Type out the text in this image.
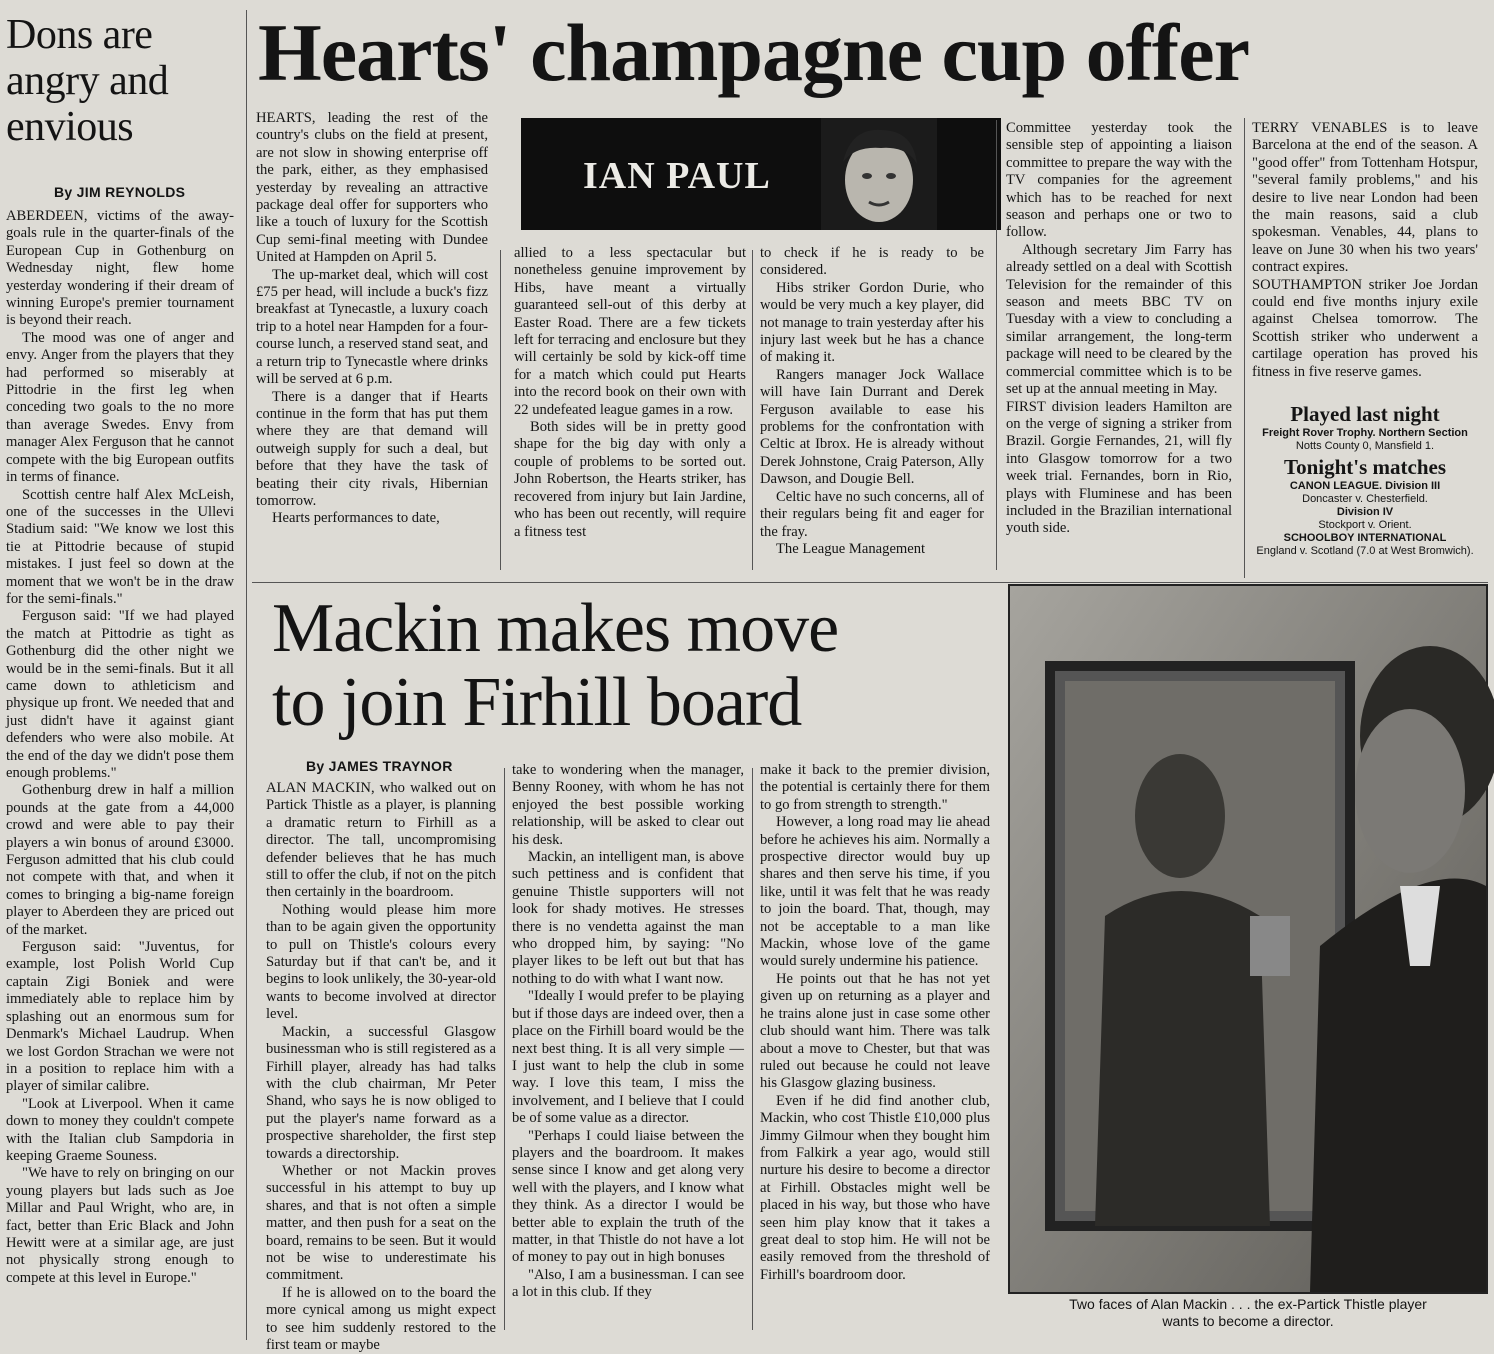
Dons are angry and envious
By JIM REYNOLDS

ABERDEEN, victims of the away-goals rule in the quarter-finals of the European Cup in Gothenburg on Wednesday night, flew home yesterday wondering if their dream of winning Europe's premier tournament is beyond their reach.

The mood was one of anger and envy. Anger from the players that they had performed so miserably at Pittodrie in the first leg when conceding two goals to the no more than average Swedes. Envy from manager Alex Ferguson that he cannot compete with the big European outfits in terms of finance.

Scottish centre half Alex McLeish, one of the successes in the Ullevi Stadium said: "We know we lost this tie at Pittodrie because of stupid mistakes. I just feel so down at the moment that we won't be in the draw for the semi-finals."

Ferguson said: "If we had played the match at Pittodrie as tight as Gothenburg did the other night we would be in the semi-finals. But it all came down to athleticism and physique up front. We needed that and just didn't have it against giant defenders who were also mobile. At the end of the day we didn't pose them enough problems."

Gothenburg drew in half a million pounds at the gate from a 44,000 crowd and were able to pay their players a win bonus of around £3000. Ferguson admitted that his club could not compete with that, and when it comes to bringing a big-name foreign player to Aberdeen they are priced out of the market.

Ferguson said: "Juventus, for example, lost Polish World Cup captain Zigi Boniek and were immediately able to replace him by splashing out an enormous sum for Denmark's Michael Laudrup. When we lost Gordon Strachan we were not in a position to replace him with a player of similar calibre.

"Look at Liverpool. When it came down to money they couldn't compete with the Italian club Sampdoria in keeping Graeme Souness.

"We have to rely on bringing on our young players but lads such as Joe Millar and Paul Wright, who are, in fact, better than Eric Black and John Hewitt were at a similar age, are just not physically strong enough to compete at this level in Europe."

Hearts' champagne cup offer

HEARTS, leading the rest of the country's clubs on the field at present, are not slow in showing enterprise off the park, either, as they emphasised yesterday by revealing an attractive package deal offer for supporters who like a touch of luxury for the Scottish Cup semi-final meeting with Dundee United at Hampden on April 5.

The up-market deal, which will cost £75 per head, will include a buck's fizz breakfast at Tynecastle, a luxury coach trip to a hotel near Hampden for a four-course lunch, a reserved stand seat, and a return trip to Tynecastle where drinks will be served at 6 p.m.

There is a danger that if Hearts continue in the form that has put them where they are that demand will outweigh supply for such a deal, but before that they have the task of beating their city rivals, Hibernian tomorrow.

Hearts performances to date,

IAN PAUL

allied to a less spectacular but nonetheless genuine improvement by Hibs, have meant a virtually guaranteed sell-out of this derby at Easter Road. There are a few tickets left for terracing and enclosure but they will certainly be sold by kick-off time for a match which could put Hearts into the record book on their own with 22 undefeated league games in a row.

Both sides will be in pretty good shape for the big day with only a couple of problems to be sorted out. John Robertson, the Hearts striker, has recovered from injury but Iain Jardine, who has been out recently, will require a fitness test

to check if he is ready to be considered.

Hibs striker Gordon Durie, who would be very much a key player, did not manage to train yesterday after his injury last week but he has a chance of making it.

Rangers manager Jock Wallace will have Iain Durrant and Derek Ferguson available to ease his problems for the confrontation with Celtic at Ibrox. He is already without Derek Johnstone, Craig Paterson, Ally Dawson, and Dougie Bell.

Celtic have no such concerns, all of their regulars being fit and eager for the fray.

The League Management

Committee yesterday took the sensible step of appointing a liaison committee to prepare the way with the TV companies for the agreement which has to be reached for next season and perhaps one or two to follow.

Although secretary Jim Farry has already settled on a deal with Scottish Television for the remainder of this season and meets BBC TV on Tuesday with a view to concluding a similar arrangement, the long-term package will need to be cleared by the commercial committee which is to be set up at the annual meeting in May.

FIRST division leaders Hamilton are on the verge of signing a striker from Brazil. Gorgie Fernandes, 21, will fly into Glasgow tomorrow for a two week trial. Fernandes, born in Rio, plays with Fluminese and has been included in the Brazilian international youth side.

TERRY VENABLES is to leave Barcelona at the end of the season. A "good offer" from Tottenham Hotspur, "several family problems," and his desire to live near London had been the main reasons, said a club spokesman. Venables, 44, plans to leave on June 30 when his two years' contract expires.

SOUTHAMPTON striker Joe Jordan could end five months injury exile against Chelsea tomorrow. The Scottish striker who underwent a cartilage operation has proved his fitness in five reserve games.

Played last night
Freight Rover Trophy. Northern Section
Notts County 0, Mansfield 1.
Tonight's matches
CANON LEAGUE. Division III
Doncaster v. Chesterfield.
Division IV
Stockport v. Orient.
SCHOOLBOY INTERNATIONAL
England v. Scotland (7.0 at West Bromwich).
Mackin makes move
to join Firhill board
By JAMES TRAYNOR

ALAN MACKIN, who walked out on Partick Thistle as a player, is planning a dramatic return to Firhill as a director. The tall, uncompromising defender believes that he has much still to offer the club, if not on the pitch then certainly in the boardroom.

Nothing would please him more than to be again given the opportunity to pull on Thistle's colours every Saturday but if that can't be, and it begins to look unlikely, the 30-year-old wants to become involved at director level.

Mackin, a successful Glasgow businessman who is still registered as a Firhill player, already has had talks with the club chairman, Mr Peter Shand, who says he is now obliged to put the player's name forward as a prospective shareholder, the first step towards a directorship.

Whether or not Mackin proves successful in his attempt to buy up shares, and that is not often a simple matter, and then push for a seat on the board, remains to be seen. But it would not be wise to underestimate his commitment.

If he is allowed on to the board the more cynical among us might expect to see him suddenly restored to the first team or maybe

take to wondering when the manager, Benny Rooney, with whom he has not enjoyed the best possible working relationship, will be asked to clear out his desk.

Mackin, an intelligent man, is above such pettiness and is confident that genuine Thistle supporters will not look for shady motives. He stresses there is no vendetta against the man who dropped him, by saying: "No player likes to be left out but that has nothing to do with what I want now.

"Ideally I would prefer to be playing but if those days are indeed over, then a place on the Firhill board would be the next best thing. It is all very simple — I just want to help the club in some way. I love this team, I miss the involvement, and I believe that I could be of some value as a director.

"Perhaps I could liaise between the players and the boardroom. It makes sense since I know and get along very well with the players, and I know what they think. As a director I would be better able to explain the truth of the matter, in that Thistle do not have a lot of money to pay out in high bonuses

"Also, I am a businessman. I can see a lot in this club. If they

make it back to the premier division, the potential is certainly there for them to go from strength to strength."

However, a long road may lie ahead before he achieves his aim. Normally a prospective director would buy up shares and then serve his time, if you like, until it was felt that he was ready to join the board. That, though, may not be acceptable to a man like Mackin, whose love of the game would surely undermine his patience.

He points out that he has not yet given up on returning as a player and he trains alone just in case some other club should want him. There was talk about a move to Chester, but that was ruled out because he could not leave his Glasgow glazing business.

Even if he did find another club, Mackin, who cost Thistle £10,000 plus Jimmy Gilmour when they bought him from Falkirk a year ago, would still nurture his desire to become a director at Firhill. Obstacles might well be placed in his way, but those who have seen him play know that it takes a great deal to stop him. He will not be easily removed from the threshold of Firhill's boardroom door.

Two faces of Alan Mackin . . . the ex-Partick Thistle player
wants to become a director.
